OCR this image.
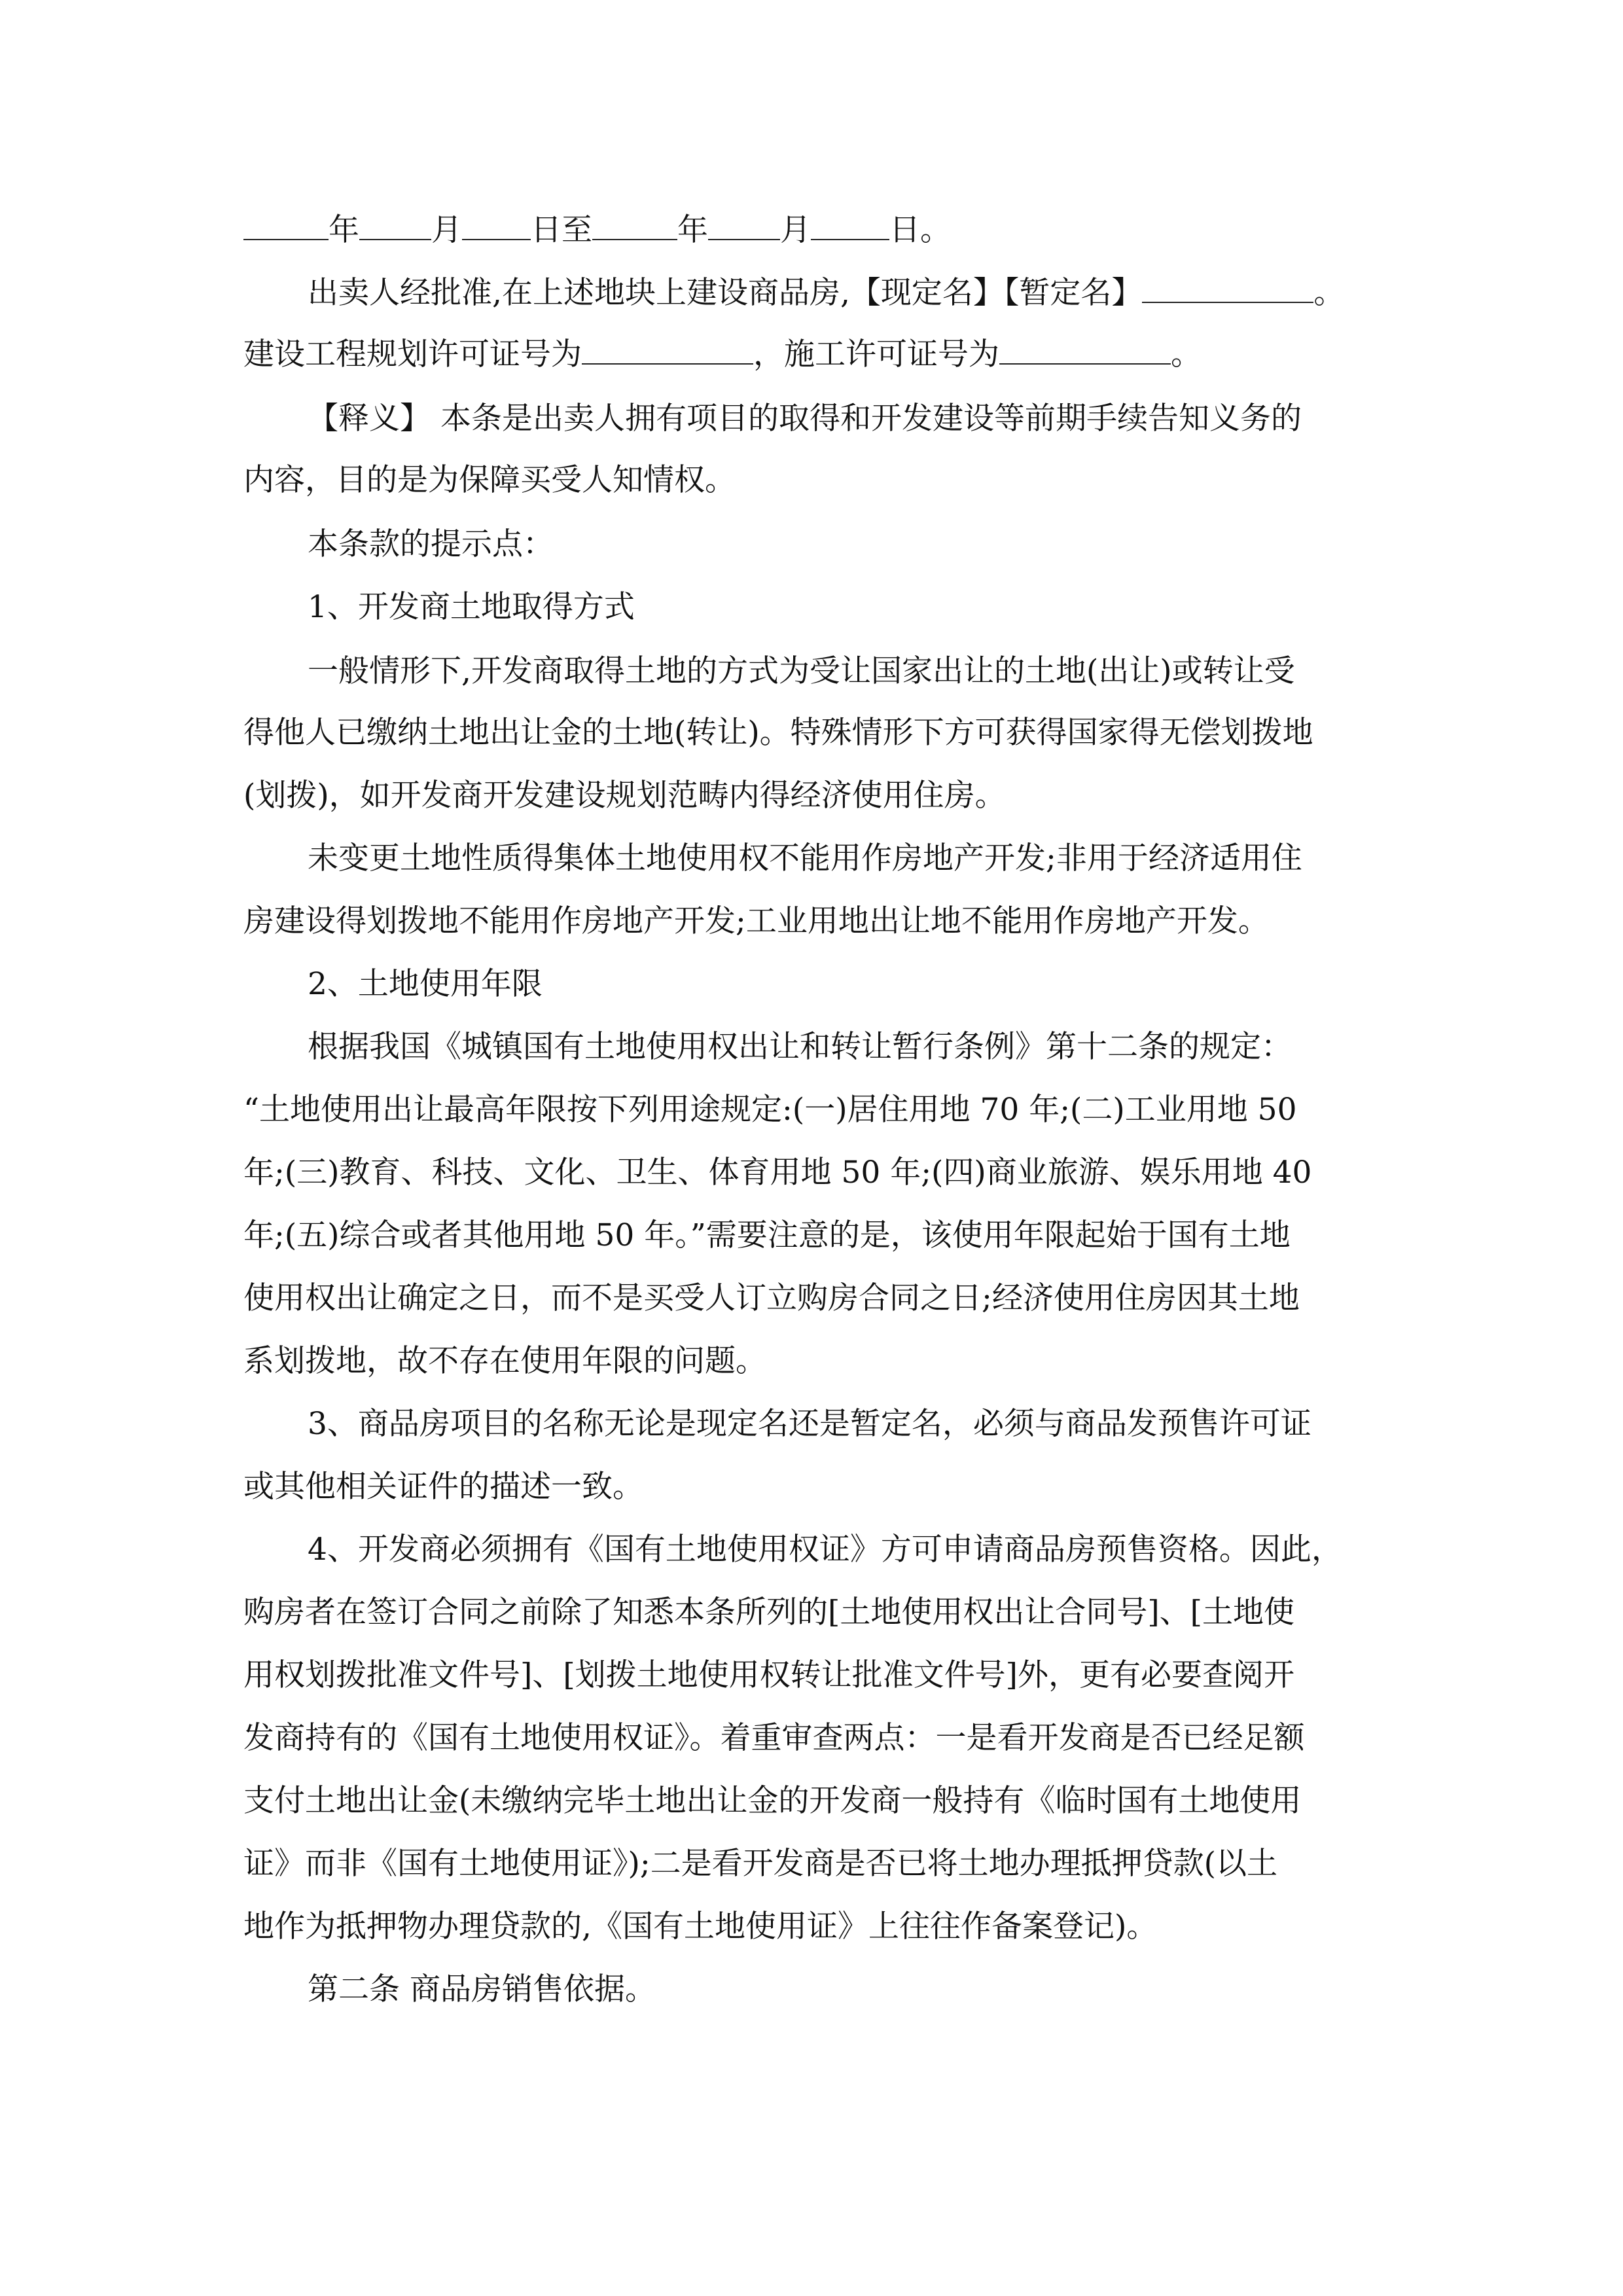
年 月 日至	年 月	日。
出卖人经批准,在上述地块上建设商品房,【现定名】【暂定名】	。
建设工程规划许可证号为	，施工许可证号为	。
【释义】 本条是出卖人拥有项目的取得和开发建设等前期手续告知义务的
内容，目的是为保障买受人知情权。
本条款的提示点：
1、开发商土地取得方式
一般情形下,开发商取得土地的方式为受让国家出让的土地(出让)或转让受
得他人已缴纳土地出让金的土地(转让)。特殊情形下方可获得国家得无偿划拨地
(划拨)，如开发商开发建设规划范畴内得经济使用住房。
未变更土地性质得集体土地使用权不能用作房地产开发;非用于经济适用住
房建设得划拨地不能用作房地产开发;工业用地出让地不能用作房地产开发。
2、土地使用年限
根据我国《城镇国有土地使用权出让和转让暂行条例》第十二条的规定：
“土地使用出让最高年限按下列用途规定:(一)居住用地 70 年;(二)工业用地 50
年;(三)教育、科技、文化、卫生、体育用地 50 年;(四)商业旅游、娱乐用地 40
年;(五)综合或者其他用地 50 年。”需要注意的是，该使用年限起始于国有土地
使用权出让确定之日，而不是买受人订立购房合同之日;经济使用住房因其土地
系划拨地，故不存在使用年限的问题。
3、商品房项目的名称无论是现定名还是暂定名，必须与商品发预售许可证
或其他相关证件的描述一致。
4、开发商必须拥有《国有土地使用权证》方可申请商品房预售资格。因此，
购房者在签订合同之前除了知悉本条所列的[土地使用权出让合同号]、[土地使
用权划拨批准文件号]、[划拨土地使用权转让批准文件号]外，更有必要查阅开
发商持有的《国有土地使用权证》。着重审查两点：一是看开发商是否已经足额
支付土地出让金(未缴纳完毕土地出让金的开发商一般持有《临时国有土地使用
证》而非《国有土地使用证》);二是看开发商是否已将土地办理抵押贷款(以土
地作为抵押物办理贷款的,《国有土地使用证》上往往作备案登记)。
第二条 商品房销售依据。
